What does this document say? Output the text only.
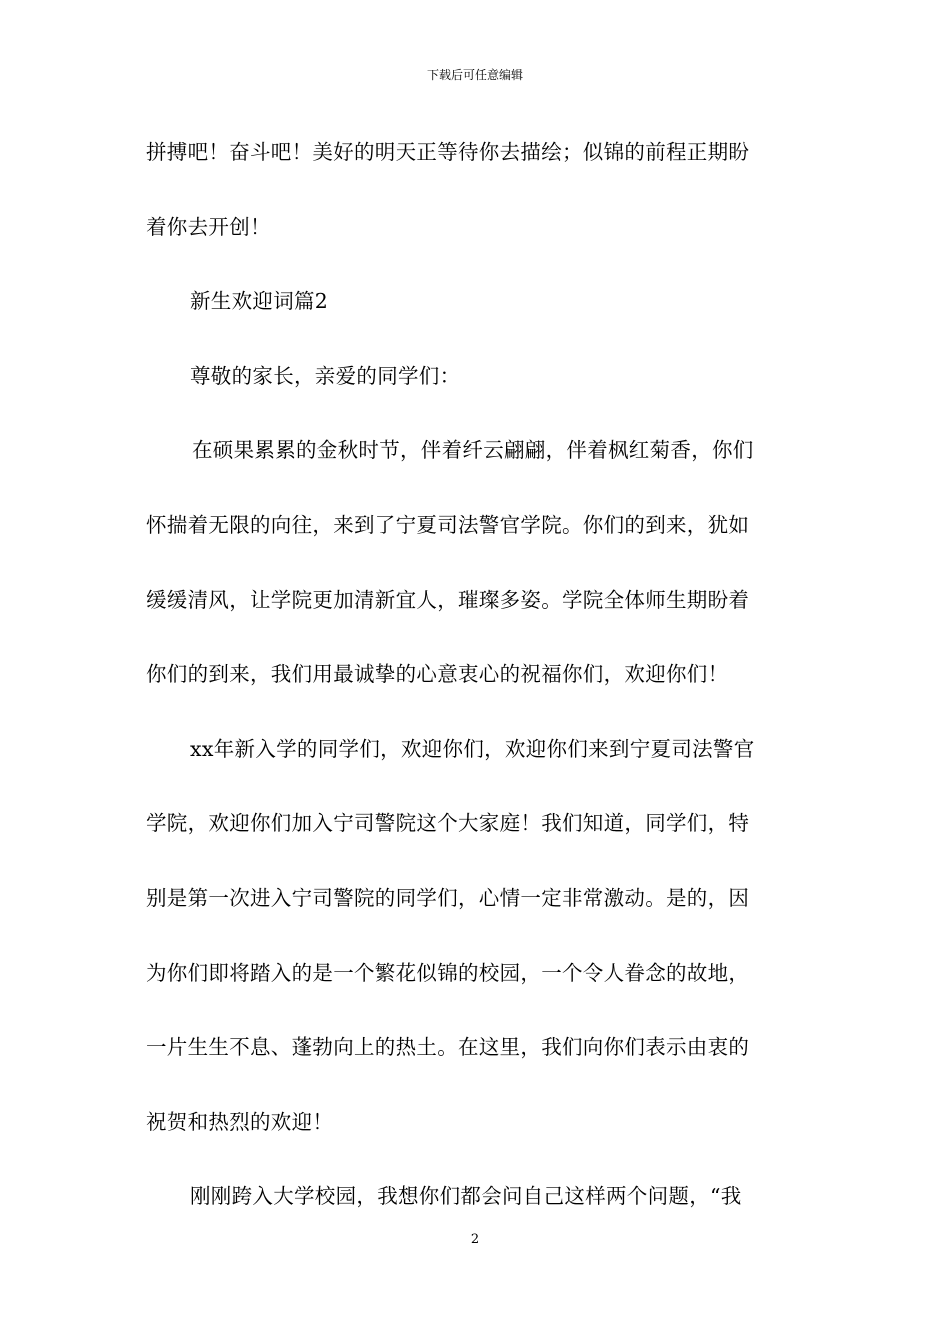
下载后可任意编辑
拼搏吧！奋斗吧！美好的明天正等待你去描绘；似锦的前程正期盼
着你去开创！
新生欢迎词篇2
尊敬的家长，亲爱的同学们：
在硕果累累的金秋时节，伴着纤云翩翩，伴着枫红菊香，你们
怀揣着无限的向往，来到了宁夏司法警官学院。你们的到来，犹如
缓缓清风，让学院更加清新宜人，璀璨多姿。学院全体师生期盼着
你们的到来，我们用最诚挚的心意衷心的祝福你们，欢迎你们！
xx年新入学的同学们，欢迎你们，欢迎你们来到宁夏司法警官
学院，欢迎你们加入宁司警院这个大家庭！我们知道，同学们，特
别是第一次进入宁司警院的同学们，心情一定非常激动。是的，因
为你们即将踏入的是一个繁花似锦的校园，一个令人眷念的故地，
一片生生不息、蓬勃向上的热土。在这里，我们向你们表示由衷的
祝贺和热烈的欢迎！
刚刚跨入大学校园，我想你们都会问自己这样两个问题，“我
2
